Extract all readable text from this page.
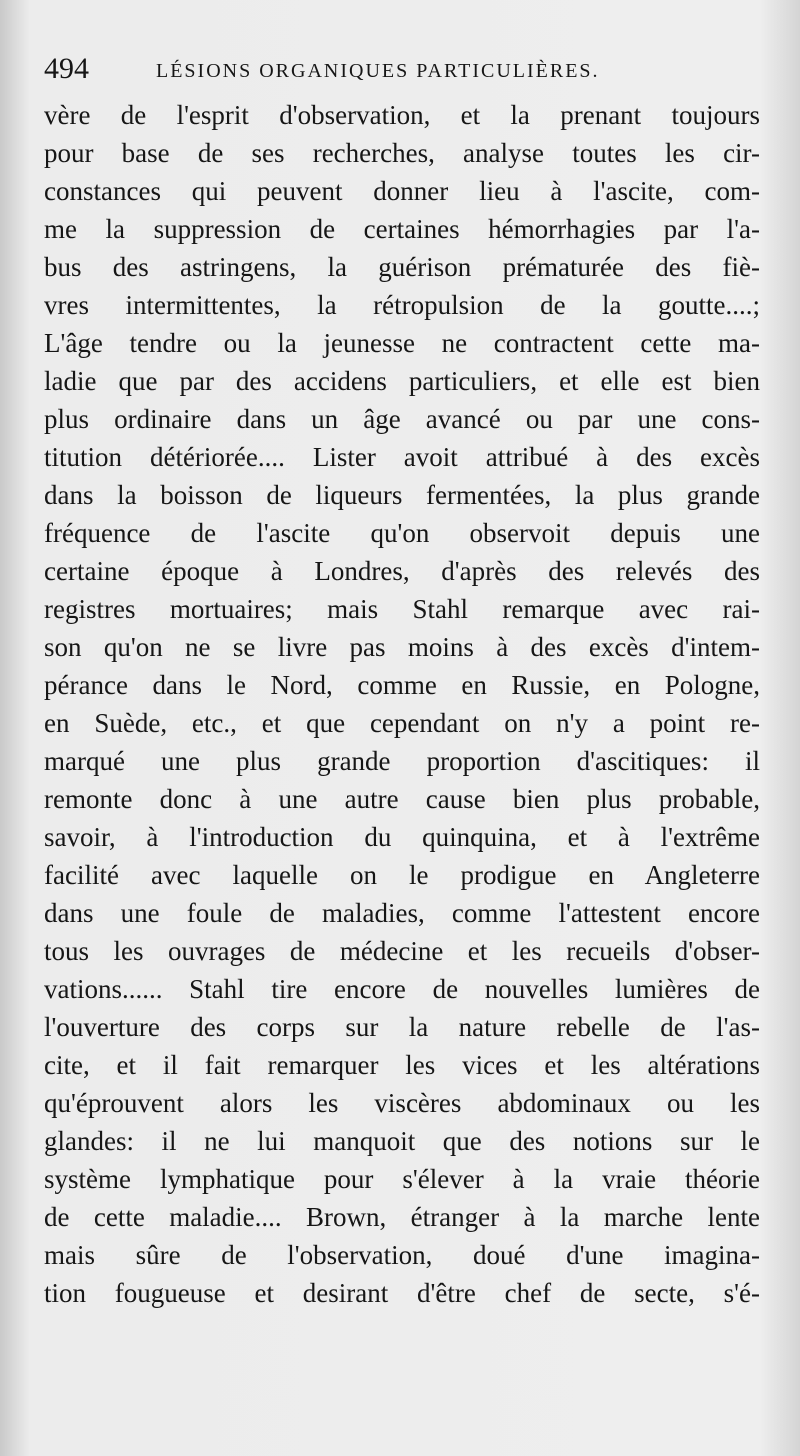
494	LÉSIONS ORGANIQUES PARTICULIÈRES.
vère de l'esprit d'observation, et la prenant toujours
pour base de ses recherches, analyse toutes les cir-
constances qui peuvent donner lieu à l'ascite, com-
me la suppression de certaines hémorrhagies par l'a-
bus des astringens, la guérison prématurée des fiè-
vres intermittentes, la rétropulsion de la goutte....;
L'âge tendre ou la jeunesse ne contractent cette ma-
ladie que par des accidens particuliers, et elle est bien
plus ordinaire dans un âge avancé ou par une cons-
titution détériorée.... Lister avoit attribué à des excès
dans la boisson de liqueurs fermentées, la plus grande
fréquence de l'ascite qu'on observoit depuis une
certaine époque à Londres, d'après des relevés des
registres mortuaires; mais Stahl remarque avec rai-
son qu'on ne se livre pas moins à des excès d'intem-
pérance dans le Nord, comme en Russie, en Pologne,
en Suède, etc., et que cependant on n'y a point re-
marqué une plus grande proportion d'ascitiques: il
remonte donc à une autre cause bien plus probable,
savoir, à l'introduction du quinquina, et à l'extrême
facilité avec laquelle on le prodigue en Angleterre
dans une foule de maladies, comme l'attestent encore
tous les ouvrages de médecine et les recueils d'obser-
vations...... Stahl tire encore de nouvelles lumières de
l'ouverture des corps sur la nature rebelle de l'as-
cite, et il fait remarquer les vices et les altérations
qu'éprouvent alors les viscères abdominaux ou les
glandes: il ne lui manquoit que des notions sur le
système lymphatique pour s'élever à la vraie théorie
de cette maladie.... Brown, étranger à la marche lente
mais sûre de l'observation, doué d'une imagina-
tion fougueuse et desirant d'être chef de secte, s'é-
